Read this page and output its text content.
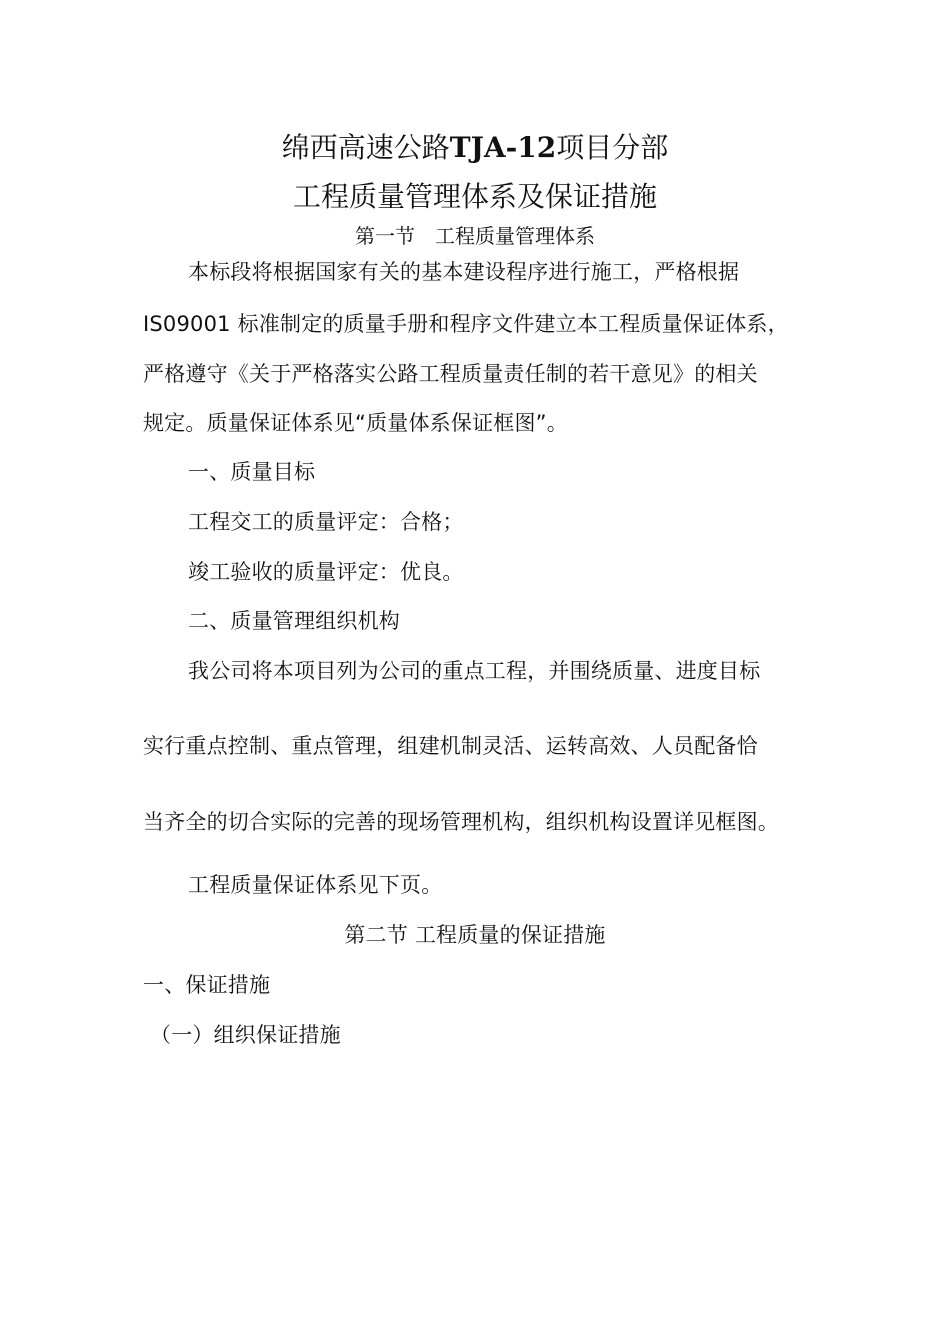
绵西高速公路TJA-12项目分部
工程质量管理体系及保证措施
第一节　工程质量管理体系
本标段将根据国家有关的基本建设程序进行施工，严格根据
IS09001 标准制定的质量手册和程序文件建立本工程质量保证体系，
严格遵守《关于严格落实公路工程质量责任制的若干意见》的相关
规定。质量保证体系见“质量体系保证框图”。
一、质量目标
工程交工的质量评定：合格；
竣工验收的质量评定：优良。
二、质量管理组织机构
我公司将本项目列为公司的重点工程，并围绕质量、进度目标
实行重点控制、重点管理，组建机制灵活、运转高效、人员配备恰
当齐全的切合实际的完善的现场管理机构，组织机构设置详见框图。
工程质量保证体系见下页。
第二节 工程质量的保证措施
一、保证措施
（一）组织保证措施
